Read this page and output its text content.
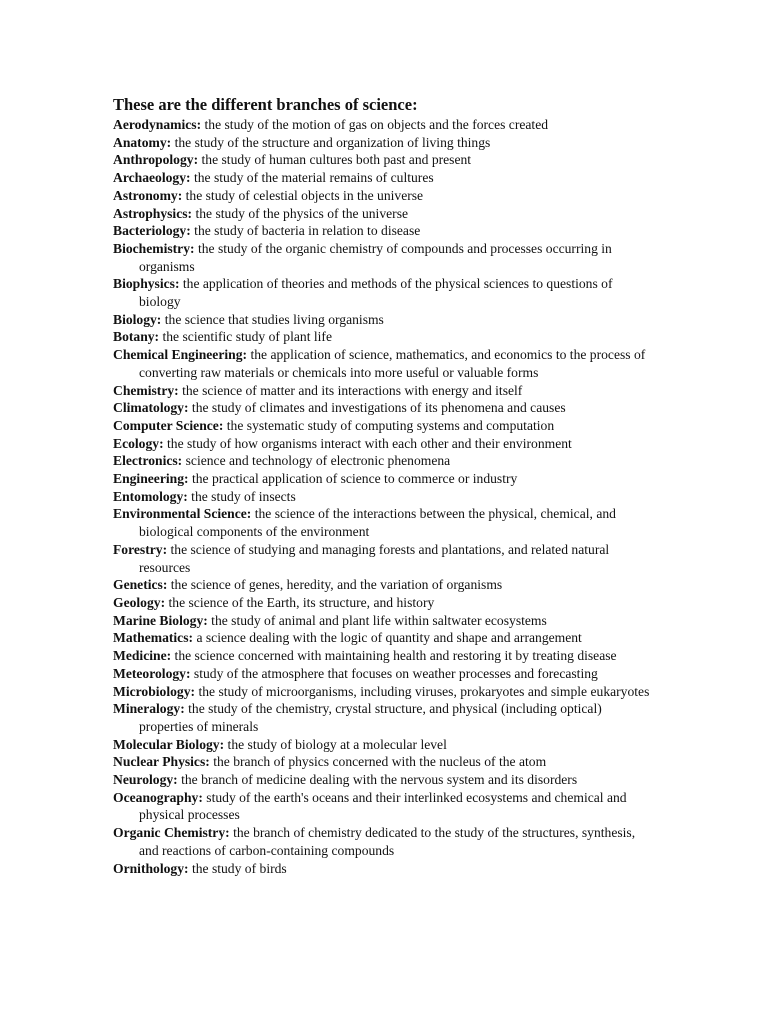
These are the different branches of science:
Aerodynamics: the study of the motion of gas on objects and the forces created
Anatomy: the study of the structure and organization of living things
Anthropology: the study of human cultures both past and present
Archaeology: the study of the material remains of cultures
Astronomy: the study of celestial objects in the universe
Astrophysics: the study of the physics of the universe
Bacteriology: the study of bacteria in relation to disease
Biochemistry: the study of the organic chemistry of compounds and processes occurring in organisms
Biophysics: the application of theories and methods of the physical sciences to questions of biology
Biology: the science that studies living organisms
Botany: the scientific study of plant life
Chemical Engineering: the application of science, mathematics, and economics to the process of converting raw materials or chemicals into more useful or valuable forms
Chemistry: the science of matter and its interactions with energy and itself
Climatology: the study of climates and investigations of its phenomena and causes
Computer Science: the systematic study of computing systems and computation
Ecology: the study of how organisms interact with each other and their environment
Electronics: science and technology of electronic phenomena
Engineering: the practical application of science to commerce or industry
Entomology: the study of insects
Environmental Science: the science of the interactions between the physical, chemical, and biological components of the environment
Forestry: the science of studying and managing forests and plantations, and related natural resources
Genetics: the science of genes, heredity, and the variation of organisms
Geology: the science of the Earth, its structure, and history
Marine Biology: the study of animal and plant life within saltwater ecosystems
Mathematics: a science dealing with the logic of quantity and shape and arrangement
Medicine: the science concerned with maintaining health and restoring it by treating disease
Meteorology: study of the atmosphere that focuses on weather processes and forecasting
Microbiology: the study of microorganisms, including viruses, prokaryotes and simple eukaryotes
Mineralogy: the study of the chemistry, crystal structure, and physical (including optical) properties of minerals
Molecular Biology: the study of biology at a molecular level
Nuclear Physics: the branch of physics concerned with the nucleus of the atom
Neurology: the branch of medicine dealing with the nervous system and its disorders
Oceanography: study of the earth's oceans and their interlinked ecosystems and chemical and physical processes
Organic Chemistry: the branch of chemistry dedicated to the study of the structures, synthesis, and reactions of carbon-containing compounds
Ornithology: the study of birds
